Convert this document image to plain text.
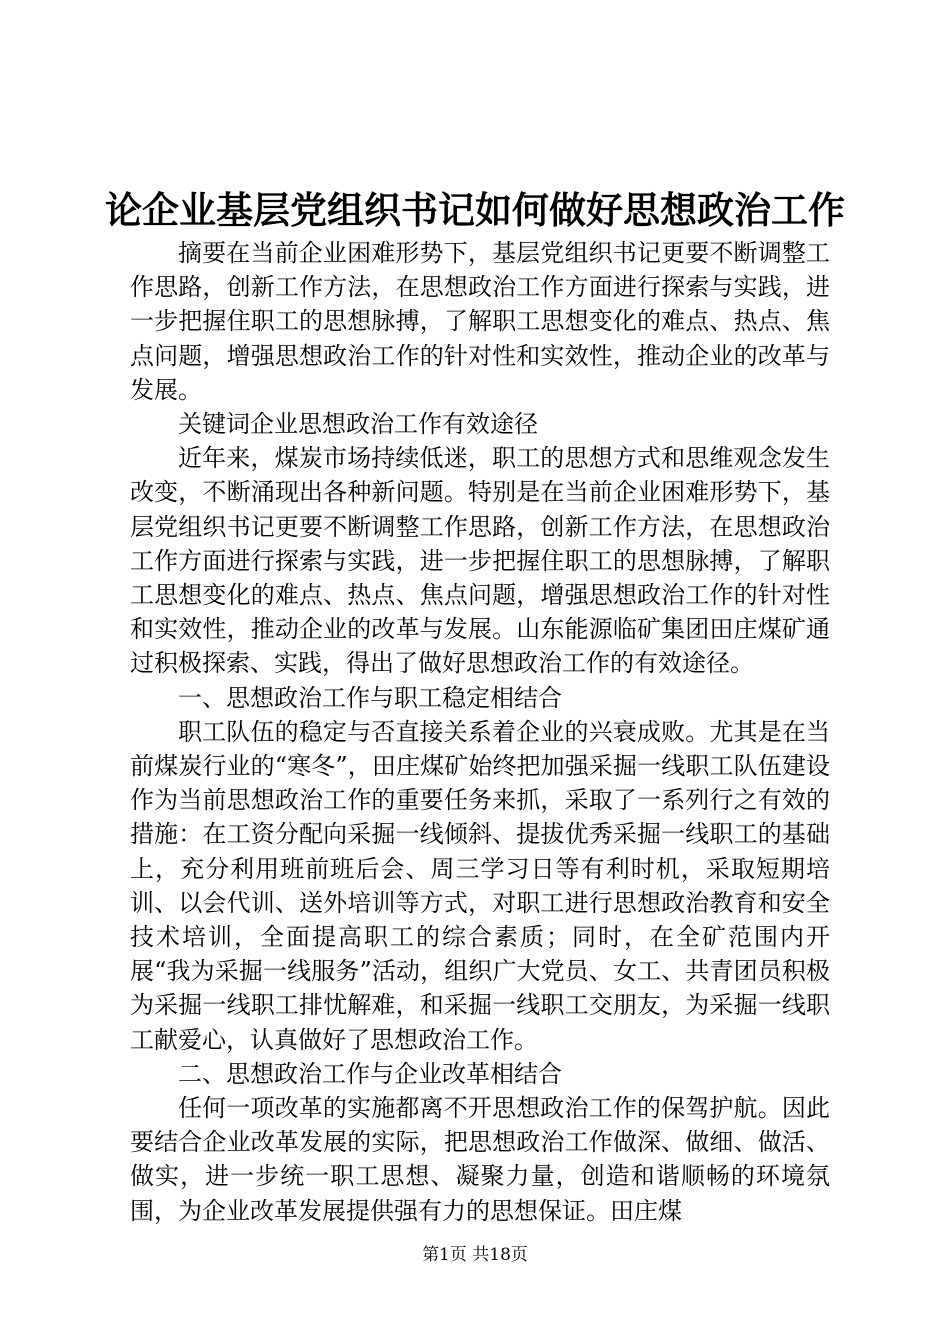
论企业基层党组织书记如何做好思想政治工作

摘要在当前企业困难形势下，基层党组织书记更要不断调整工作思路，创新工作方法，在思想政治工作方面进行探索与实践，进一步把握住职工的思想脉搏，了解职工思想变化的难点、热点、焦点问题，增强思想政治工作的针对性和实效性，推动企业的改革与发展。

关键词企业思想政治工作有效途径

近年来，煤炭市场持续低迷，职工的思想方式和思维观念发生改变，不断涌现出各种新问题。特别是在当前企业困难形势下，基层党组织书记更要不断调整工作思路，创新工作方法，在思想政治工作方面进行探索与实践，进一步把握住职工的思想脉搏，了解职工思想变化的难点、热点、焦点问题，增强思想政治工作的针对性和实效性，推动企业的改革与发展。山东能源临矿集团田庄煤矿通过积极探索、实践，得出了做好思想政治工作的有效途径。

一、思想政治工作与职工稳定相结合

职工队伍的稳定与否直接关系着企业的兴衰成败。尤其是在当前煤炭行业的“寒冬”，田庄煤矿始终把加强采掘一线职工队伍建设作为当前思想政治工作的重要任务来抓，采取了一系列行之有效的措施：在工资分配向采掘一线倾斜、提拔优秀采掘一线职工的基础上，充分利用班前班后会、周三学习日等有利时机，采取短期培训、以会代训、送外培训等方式，对职工进行思想政治教育和安全技术培训，全面提高职工的综合素质；同时，在全矿范围内开展“我为采掘一线服务”活动，组织广大党员、女工、共青团员积极为采掘一线职工排忧解难，和采掘一线职工交朋友，为采掘一线职工献爱心，认真做好了思想政治工作。

二、思想政治工作与企业改革相结合

任何一项改革的实施都离不开思想政治工作的保驾护航。因此要结合企业改革发展的实际，把思想政治工作做深、做细、做活、做实，进一步统一职工思想、凝聚力量，创造和谐顺畅的环境氛围，为企业改革发展提供强有力的思想保证。田庄煤

第1页 共18页
